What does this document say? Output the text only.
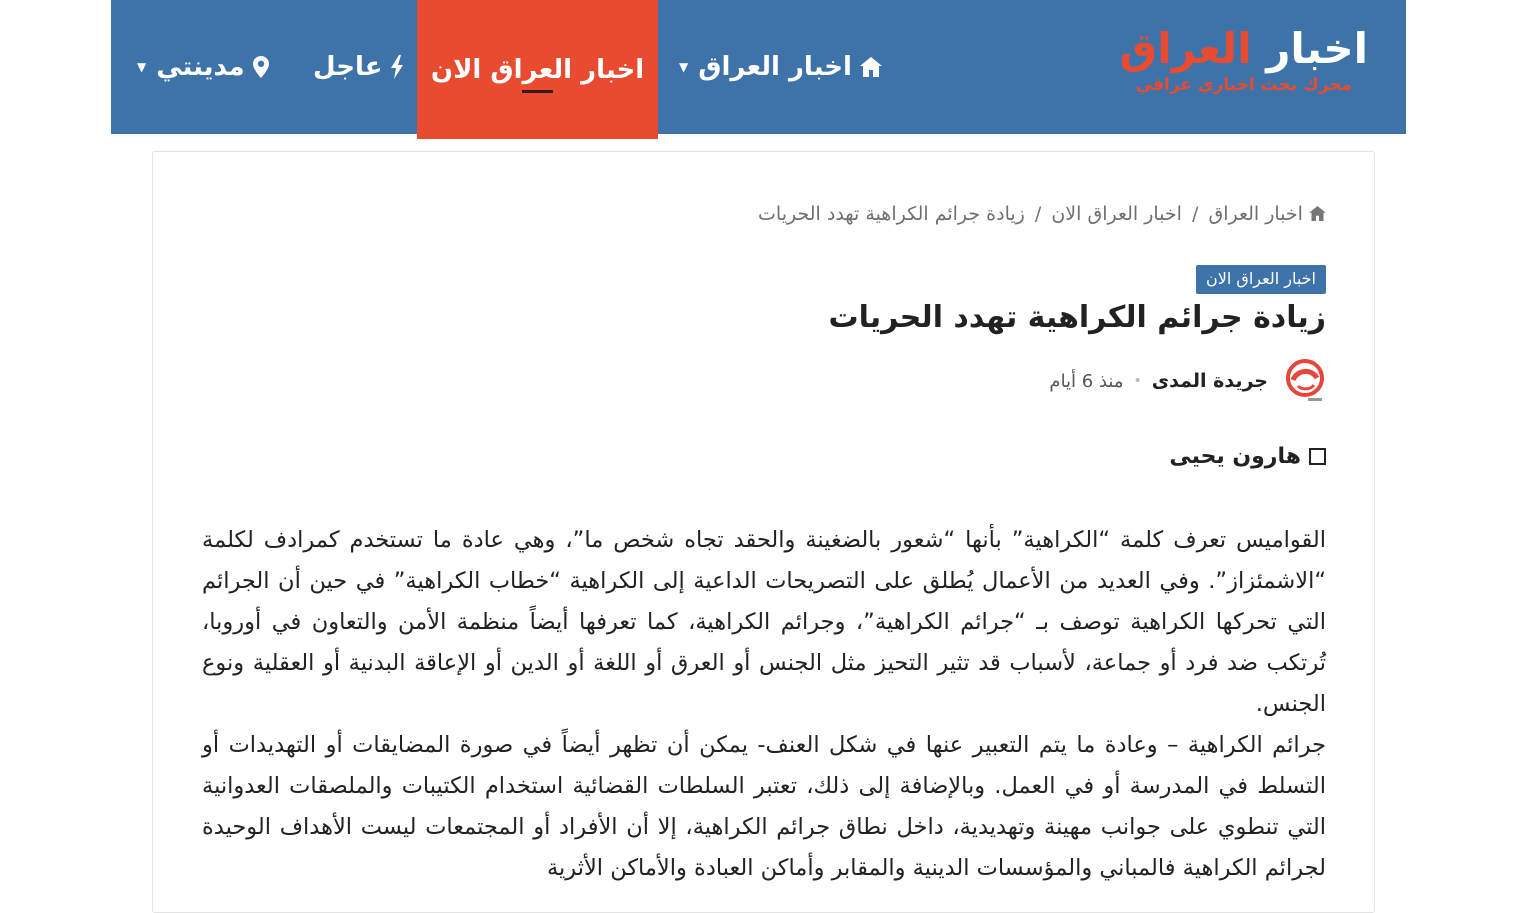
مدينتي
▼	عاجل اخبار العراق الان اخبار العراق
▼	اخبار العراق
محرك بحث اخباري عراقي
اخبار العراق / اخبار العراق الان / زيادة جرائم الكراهية تهدد الحريات
اخبار العراق الان
زيادة جرائم الكراهية تهدد الحريات
جريدة المدى
•
منذ 6 أيام
هارون يحيى

القواميس تعرف كلمة “الكراهية” بأنها “شعور بالضغينة والحقد تجاه شخص ما”، وهي عادة ما تستخدم كمرادف لكلمة “الاشمئزاز”. وفي العديد من الأعمال يُطلق على التصريحات الداعية إلى الكراهية “خطاب الكراهية” في حين أن الجرائم التي تحركها الكراهية توصف بـ “جرائم الكراهية”، وجرائم الكراهية، كما تعرفها أيضاً منظمة الأمن والتعاون في أوروبا، تُرتكب ضد فرد أو جماعة، لأسباب قد تثير التحيز مثل الجنس أو العرق أو اللغة أو الدين أو الإعاقة البدنية أو العقلية ونوع الجنس.

جرائم الكراهية – وعادة ما يتم التعبير عنها في شكل العنف- يمكن أن تظهر أيضاً في صورة المضايقات أو التهديدات أو التسلط في المدرسة أو في العمل. وبالإضافة إلى ذلك، تعتبر السلطات القضائية استخدام الكتيبات والملصقات العدوانية التي تنطوي على جوانب مهينة وتهديدية، داخل نطاق جرائم الكراهية، إلا أن الأفراد أو المجتمعات ليست الأهداف الوحيدة لجرائم الكراهية فالمباني والمؤسسات الدينية والمقابر وأماكن العبادة والأماكن الأثرية
